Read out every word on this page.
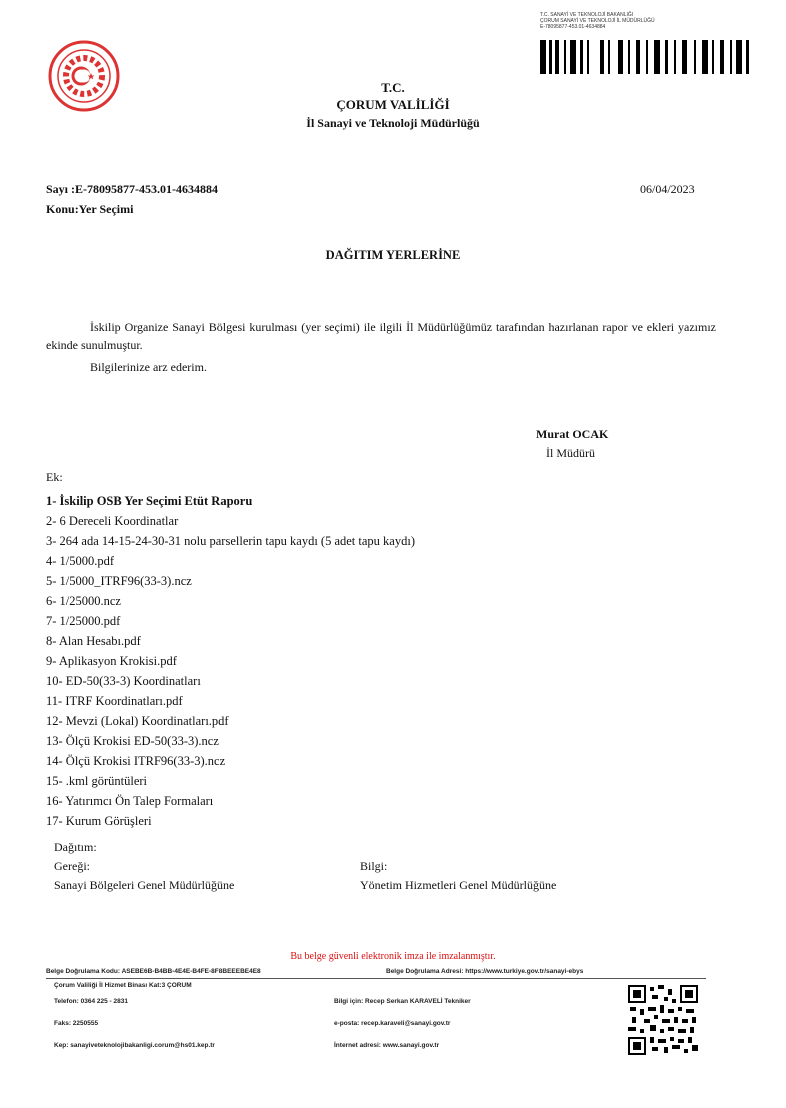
T.C. SANAYİ VE TEKNOLOJİ BAKANLIĞI
ÇORUM SANAYİ VE TEKNOLOJİ İL MÜDÜRLÜĞÜ
E-78095877-453.01-4634884
T.C.
ÇORUM VALİLİĞİ
İl Sanayi ve Teknoloji Müdürlüğü
Sayı :E-78095877-453.01-4634884	06/04/2023
Konu:Yer Seçimi
DAĞITIM YERLERİNE
İskilip Organize Sanayi Bölgesi kurulması (yer seçimi) ile ilgili İl Müdürlüğümüz tarafından hazırlanan rapor ve ekleri yazımız ekinde sunulmuştur.
Bilgilerinize arz ederim.
Murat OCAK
İl Müdürü
Ek:
1- İskilip OSB Yer Seçimi Etüt Raporu
2- 6 Dereceli Koordinatlar
3- 264 ada 14-15-24-30-31 nolu parsellerin tapu kaydı (5 adet tapu kaydı)
4- 1/5000.pdf
5- 1/5000_ITRF96(33-3).ncz
6- 1/25000.ncz
7- 1/25000.pdf
8- Alan Hesabı.pdf
9- Aplikasyon Krokisi.pdf
10- ED-50(33-3) Koordinatları
11- ITRF Koordinatları.pdf
12- Mevzi (Lokal) Koordinatları.pdf
13- Ölçü Krokisi ED-50(33-3).ncz
14- Ölçü Krokisi ITRF96(33-3).ncz
15- .kml görüntüleri
16- Yatırımcı Ön Talep Formaları
17- Kurum Görüşleri
Dağıtım:
Gereği:
Sanayi Bölgeleri Genel Müdürlüğüne
Bilgi:
Yönetim Hizmetleri Genel Müdürlüğüne
Bu belge güvenli elektronik imza ile imzalanmıştır.
Belge Doğrulama Kodu: ASEBE6B-B4BB-4E4E-B4FE-8F8BEEEBE4E8	Belge Doğrulama Adresi: https://www.turkiye.gov.tr/sanayi-ebys
Çorum Valiliği İl Hizmet Binası Kat:3 ÇORUM
Telefon: 0364 225 - 2831
Faks: 2250555
Kep: sanayiveteknolojibakanligi.corum@hs01.kep.tr
Bilgi için: Recep Serkan KARAVELİ Tekniker
e-posta: recep.karaveli@sanayi.gov.tr
İnternet adresi: www.sanayi.gov.tr
